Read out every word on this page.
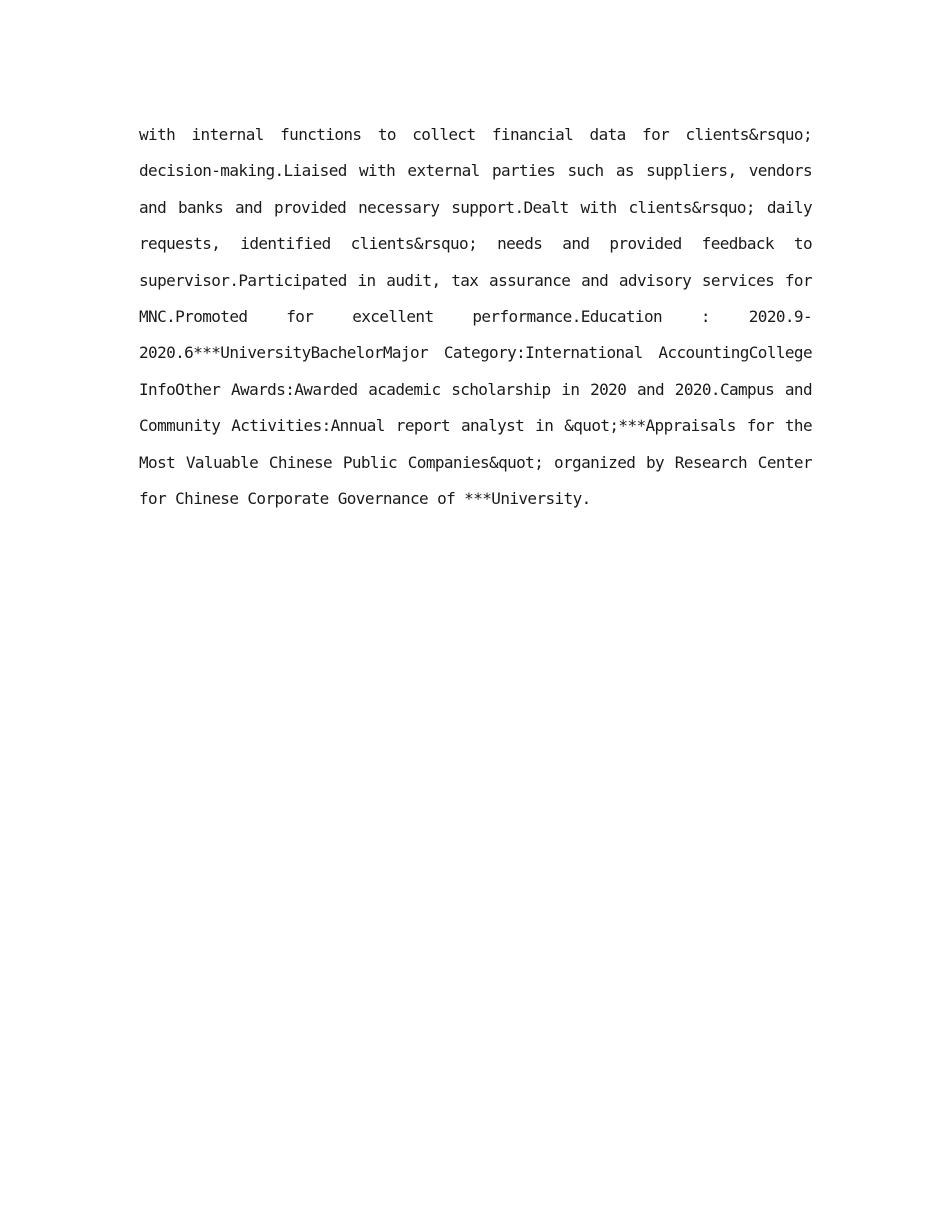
with internal functions to collect financial data for clients&rsquo; decision-making.Liaised with external parties such as suppliers, vendors and banks and provided necessary support.Dealt with clients&rsquo; daily requests, identified clients&rsquo; needs and provided feedback to supervisor.Participated in audit, tax assurance and advisory services for MNC.Promoted for excellent performance.Education : 2020.9-2020.6***UniversityBachelorMajor Category:International AccountingCollege InfoOther Awards:Awarded academic scholarship in 2020 and 2020.Campus and Community Activities:Annual report analyst in &quot;***Appraisals for the Most Valuable Chinese Public Companies&quot; organized by Research Center for Chinese Corporate Governance of ***University.
